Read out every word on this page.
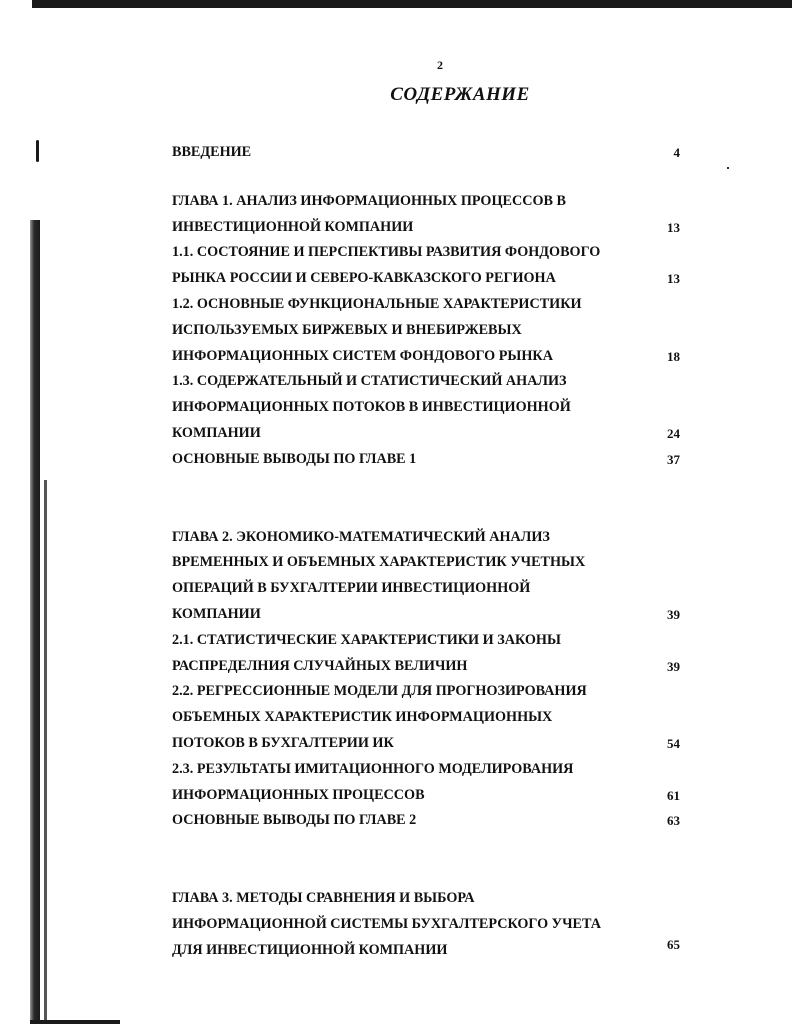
2
СОДЕРЖАНИЕ
ВВЕДЕНИЕ	4
ГЛАВА 1. АНАЛИЗ ИНФОРМАЦИОННЫХ ПРОЦЕССОВ В
ИНВЕСТИЦИОННОЙ КОМПАНИИ	13
1.1. СОСТОЯНИЕ И ПЕРСПЕКТИВЫ РАЗВИТИЯ ФОНДОВОГО
РЫНКА РОССИИ И СЕВЕРО-КАВКАЗСКОГО РЕГИОНА	13
1.2. ОСНОВНЫЕ ФУНКЦИОНАЛЬНЫЕ ХАРАКТЕРИСТИКИ
ИСПОЛЬЗУЕМЫХ БИРЖЕВЫХ И ВНЕБИРЖЕВЫХ
ИНФОРМАЦИОННЫХ СИСТЕМ ФОНДОВОГО РЫНКА	18
1.3. СОДЕРЖАТЕЛЬНЫЙ И СТАТИСТИЧЕСКИЙ АНАЛИЗ
ИНФОРМАЦИОННЫХ ПОТОКОВ В ИНВЕСТИЦИОННОЙ
КОМПАНИИ	24
ОСНОВНЫЕ ВЫВОДЫ ПО ГЛАВЕ 1	37
ГЛАВА 2. ЭКОНОМИКО-МАТЕМАТИЧЕСКИЙ АНАЛИЗ
ВРЕМЕННЫХ И ОБЪЕМНЫХ ХАРАКТЕРИСТИК УЧЕТНЫХ
ОПЕРАЦИЙ В БУХГАЛТЕРИИ ИНВЕСТИЦИОННОЙ
КОМПАНИИ	39
2.1. СТАТИСТИЧЕСКИЕ ХАРАКТЕРИСТИКИ И ЗАКОНЫ
РАСПРЕДЕЛНИЯ СЛУЧАЙНЫХ ВЕЛИЧИН	39
2.2. РЕГРЕССИОННЫЕ МОДЕЛИ ДЛЯ ПРОГНОЗИРОВАНИЯ
ОБЪЕМНЫХ ХАРАКТЕРИСТИК ИНФОРМАЦИОННЫХ
ПОТОКОВ В БУХГАЛТЕРИИ ИК	54
2.3. РЕЗУЛЬТАТЫ ИМИТАЦИОННОГО МОДЕЛИРОВАНИЯ
ИНФОРМАЦИОННЫХ ПРОЦЕССОВ	61
ОСНОВНЫЕ ВЫВОДЫ ПО ГЛАВЕ 2	63
ГЛАВА 3. МЕТОДЫ СРАВНЕНИЯ И ВЫБОРА
ИНФОРМАЦИОННОЙ СИСТЕМЫ БУХГАЛТЕРСКОГО УЧЕТА
ДЛЯ ИНВЕСТИЦИОННОЙ КОМПАНИИ	65
